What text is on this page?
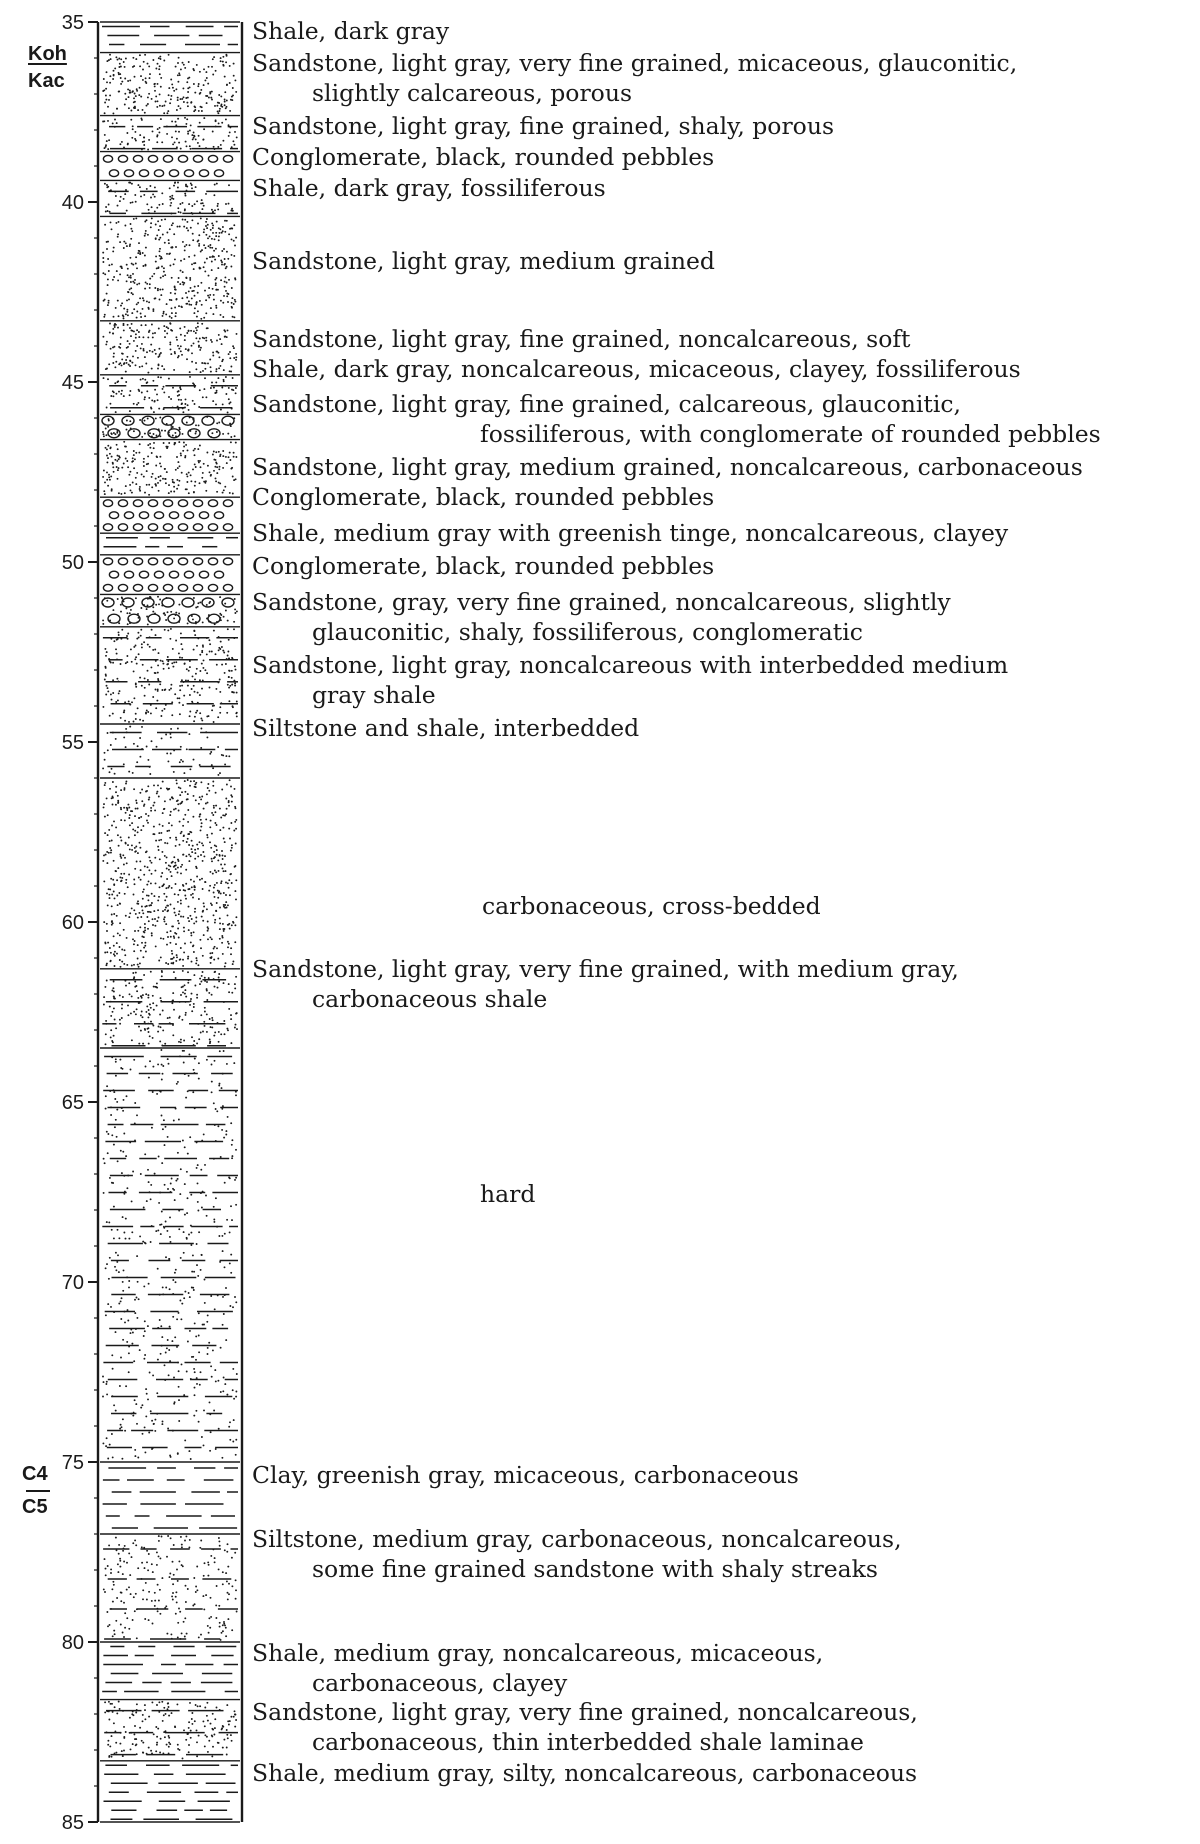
35
40
45
50
55
60
65
70
75
80
85
Koh
Kac
C4
C5
Shale, dark gray
Sandstone, light gray, very fine grained, micaceous, glauconitic,
slightly calcareous, porous
Sandstone, light gray, fine grained, shaly, porous
Conglomerate, black, rounded pebbles
Shale, dark gray, fossiliferous
Sandstone, light gray, medium grained
Sandstone, light gray, fine grained, noncalcareous, soft
Shale, dark gray, noncalcareous, micaceous, clayey, fossiliferous
Sandstone, light gray, fine grained, calcareous, glauconitic,
fossiliferous, with conglomerate of rounded pebbles
Sandstone, light gray, medium grained, noncalcareous, carbonaceous
Conglomerate, black, rounded pebbles
Shale, medium gray with greenish tinge, noncalcareous, clayey
Conglomerate, black, rounded pebbles
Sandstone, gray, very fine grained, noncalcareous, slightly
glauconitic, shaly, fossiliferous, conglomeratic
Sandstone, light gray, noncalcareous with interbedded medium
gray shale
Siltstone and shale, interbedded
carbonaceous, cross-bedded
Sandstone, light gray, very fine grained, with medium gray,
carbonaceous shale
hard
Clay, greenish gray, micaceous, carbonaceous
Siltstone, medium gray, carbonaceous, noncalcareous,
some fine grained sandstone with shaly streaks
Shale, medium gray, noncalcareous, micaceous,
carbonaceous, clayey
Sandstone, light gray, very fine grained, noncalcareous,
carbonaceous, thin interbedded shale laminae
Shale, medium gray, silty, noncalcareous, carbonaceous
